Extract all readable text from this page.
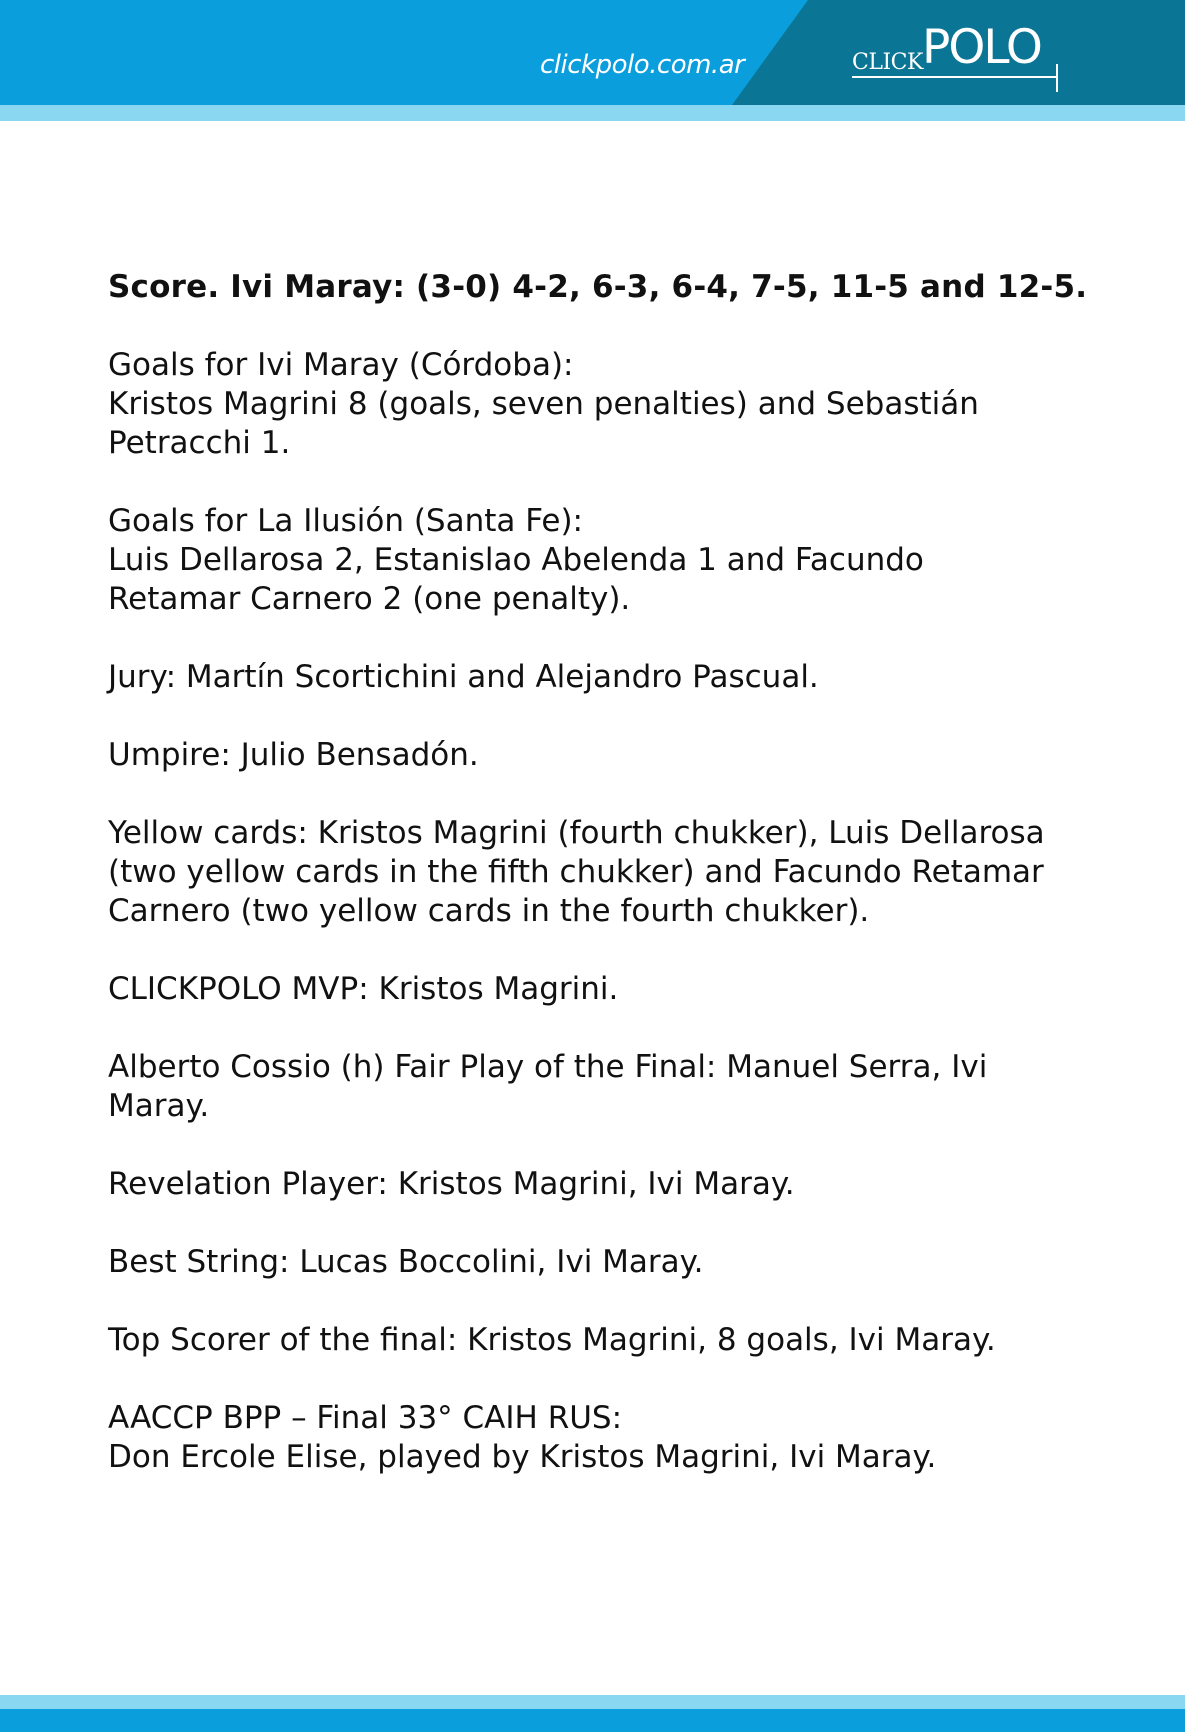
clickpolo.com.ar	CLICK POLO

Score. Ivi Maray: (3-0) 4-2, 6-3, 6-4, 7-5, 11-5 and 12-5.

Goals for Ivi Maray (Córdoba):
Kristos Magrini 8 (goals, seven penalties) and Sebastián
Petracchi 1.

Goals for La Ilusión (Santa Fe):
Luis Dellarosa 2, Estanislao Abelenda 1 and Facundo
Retamar Carnero 2 (one penalty).

Jury: Martín Scortichini and Alejandro Pascual.

Umpire: Julio Bensadón.

Yellow cards: Kristos Magrini (fourth chukker), Luis Dellarosa
(two yellow cards in the fifth chukker) and Facundo Retamar
Carnero (two yellow cards in the fourth chukker).

CLICKPOLO MVP: Kristos Magrini.

Alberto Cossio (h) Fair Play of the Final: Manuel Serra, Ivi
Maray.

Revelation Player: Kristos Magrini, Ivi Maray.

Best String: Lucas Boccolini, Ivi Maray.

Top Scorer of the final: Kristos Magrini, 8 goals, Ivi Maray.

AACCP BPP – Final 33° CAIH RUS:
Don Ercole Elise, played by Kristos Magrini, Ivi Maray.
